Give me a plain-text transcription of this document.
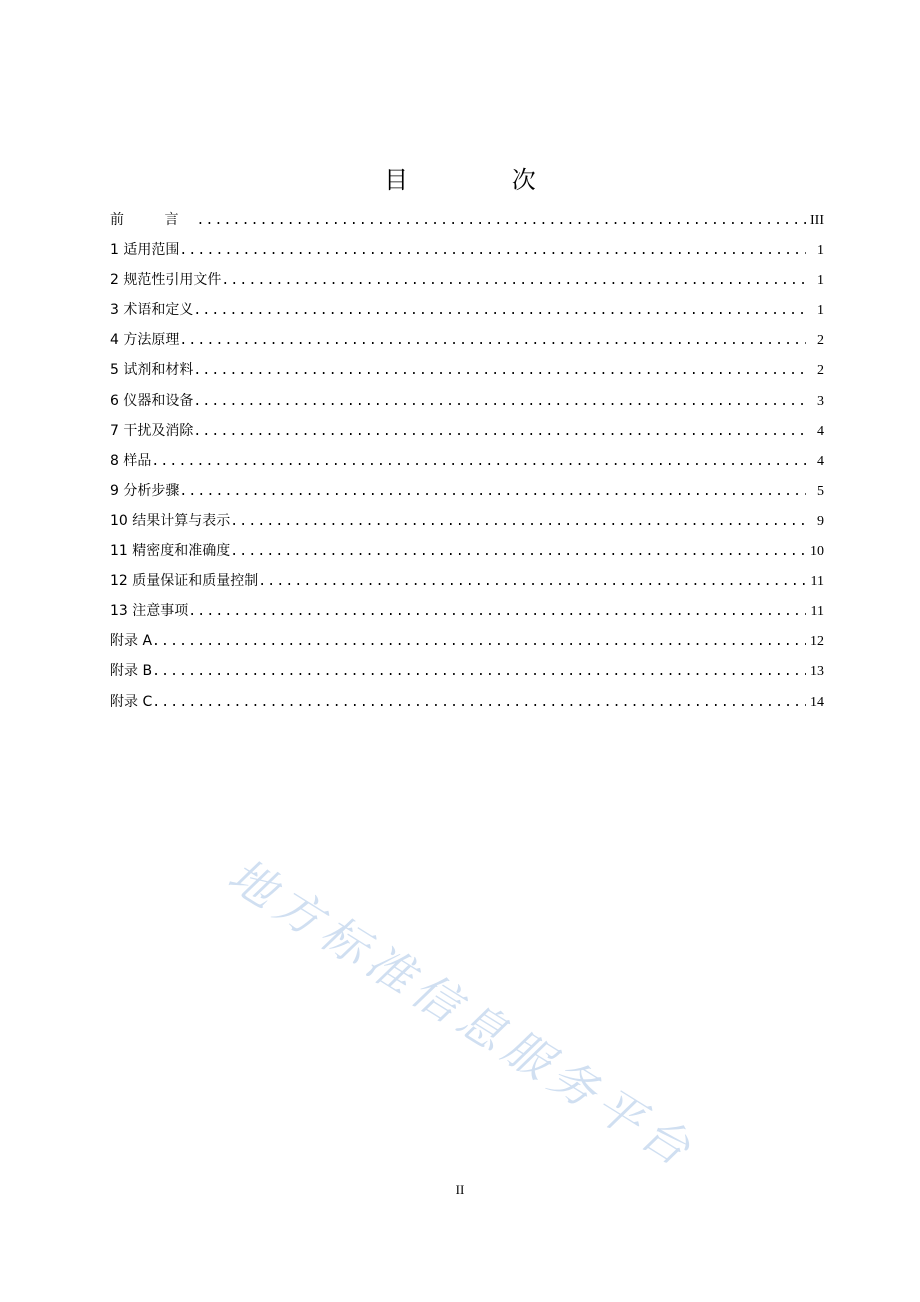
目 次
前 言 .....	III
1 适用范围 .....	1
2 规范性引用文件 .....	1
3 术语和定义 .....	1
4 方法原理 .....	2
5 试剂和材料 .....	2
6 仪器和设备 .....	3
7 干扰及消除 .....	4
8 样品 .....	4
9 分析步骤 .....	5
10 结果计算与表示 .....	9
11 精密度和准确度 .....	10
12 质量保证和质量控制 .....	11
13 注意事项 .....	11
附录 A .....	12
附录 B .....	13
附录 C .....	14
地方标准信息服务平台
II
